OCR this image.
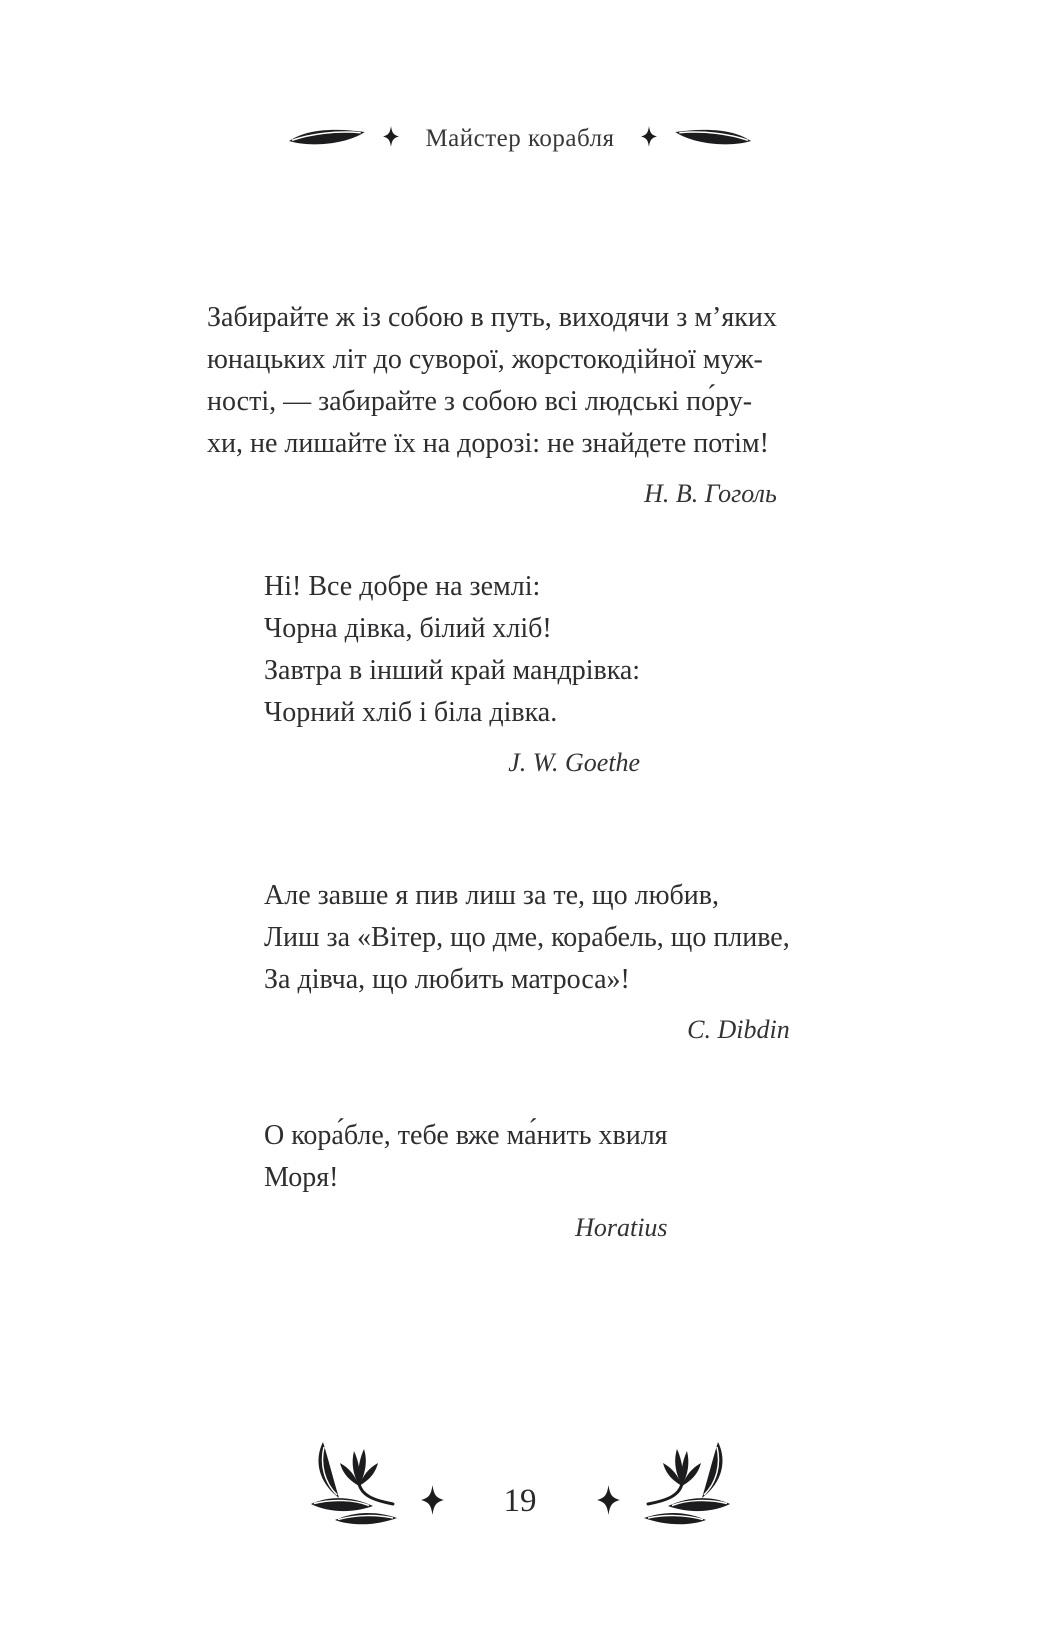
Майстер корабля
Забирайте ж із собою в путь, виходячи з м’яких
юнацьких літ до суворої, жорстокодійної муж-
ності, — забирайте з собою всі людські по́ру-
хи, не лишайте їх на дорозі: не знайдете потім!
Н. В. Гоголь
Ні! Все добре на землі:
Чорна дівка, білий хліб!
Завтра в інший край мандрівка:
Чорний хліб і біла дівка.
J. W. Goethe
Але завше я пив лиш за те, що любив,
Лиш за «Вітер, що дме, корабель, що пливе,
За дівча, що любить матроса»!
C. Dibdin
О кора́бле, тебе вже ма́нить хвиля
Моря!
Horatius
19
